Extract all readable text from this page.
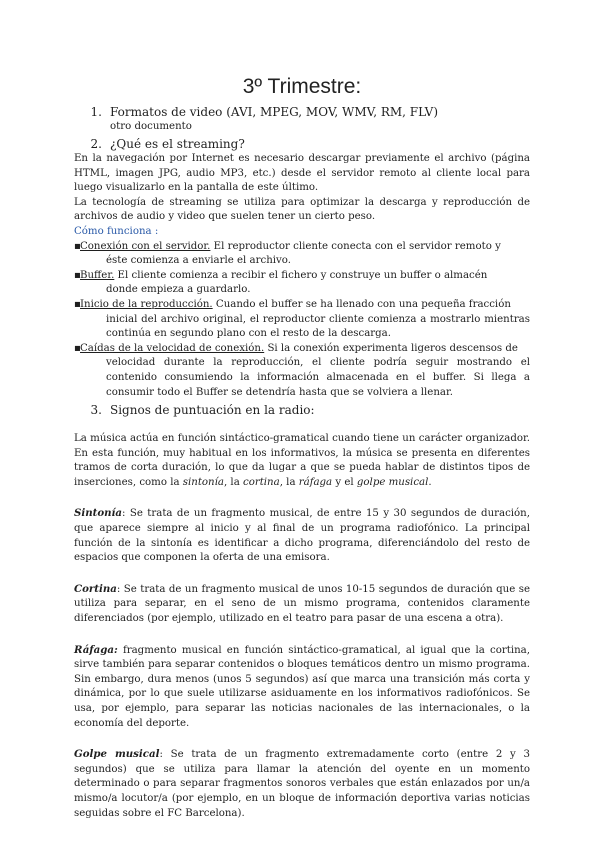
3º Trimestre:
1. Formatos de video (AVI, MPEG, MOV, WMV, RM, FLV)
otro documento
2. ¿Qué es el streaming?

En la navegación por Internet es necesario descargar previamente el archivo (página HTML, imagen JPG, audio MP3, etc.) desde el servidor remoto al cliente local para luego visualizarlo en la pantalla de este último.

La tecnología de streaming se utiliza para optimizar la descarga y reproducción de archivos de audio y video que suelen tener un cierto peso.

Cómo funciona :
▪ Conexión con el servidor. El reproductor cliente conecta con el servidor remoto y
éste comienza a enviarle el archivo.
▪ Buffer. El cliente comienza a recibir el fichero y construye un buffer o almacén
donde empieza a guardarlo.
▪ Inicio de la reproducción. Cuando el buffer se ha llenado con una pequeña fracción
inicial del archivo original, el reproductor cliente comienza a mostrarlo mientras continúa en segundo plano con el resto de la descarga.
▪ Caídas de la velocidad de conexión. Si la conexión experimenta ligeros descensos de
velocidad durante la reproducción, el cliente podría seguir mostrando el contenido consumiendo la información almacenada en el buffer. Si llega a consumir todo el Buffer se detendría hasta que se volviera a llenar.
3. Signos de puntuación en la radio:

La música actúa en función sintáctico-gramatical cuando tiene un carácter organizador. En esta función, muy habitual en los informativos, la música se presenta en diferentes tramos de corta duración, lo que da lugar a que se pueda hablar de distintos tipos de inserciones, como la sintonía, la cortina, la ráfaga y el golpe musical.

Sintonía: Se trata de un fragmento musical, de entre 15 y 30 segundos de duración, que aparece siempre al inicio y al final de un programa radiofónico. La principal función de la sintonía es identificar a dicho programa, diferenciándolo del resto de espacios que componen la oferta de una emisora.

Cortina: Se trata de un fragmento musical de unos 10-15 segundos de duración que se utiliza para separar, en el seno de un mismo programa, contenidos claramente diferenciados (por ejemplo, utilizado en el teatro para pasar de una escena a otra).

Ráfaga: fragmento musical en función sintáctico-gramatical, al igual que la cortina, sirve también para separar contenidos o bloques temáticos dentro un mismo programa. Sin embargo, dura menos (unos 5 segundos) así que marca una transición más corta y dinámica, por lo que suele utilizarse asiduamente en los informativos radiofónicos. Se usa, por ejemplo, para separar las noticias nacionales de las internacionales, o la economía del deporte.

Golpe musical: Se trata de un fragmento extremadamente corto (entre 2 y 3 segundos) que se utiliza para llamar la atención del oyente en un momento determinado o para separar fragmentos sonoros verbales que están enlazados por un/a mismo/a locutor/a (por ejemplo, en un bloque de información deportiva varias noticias seguidas sobre el FC Barcelona).
